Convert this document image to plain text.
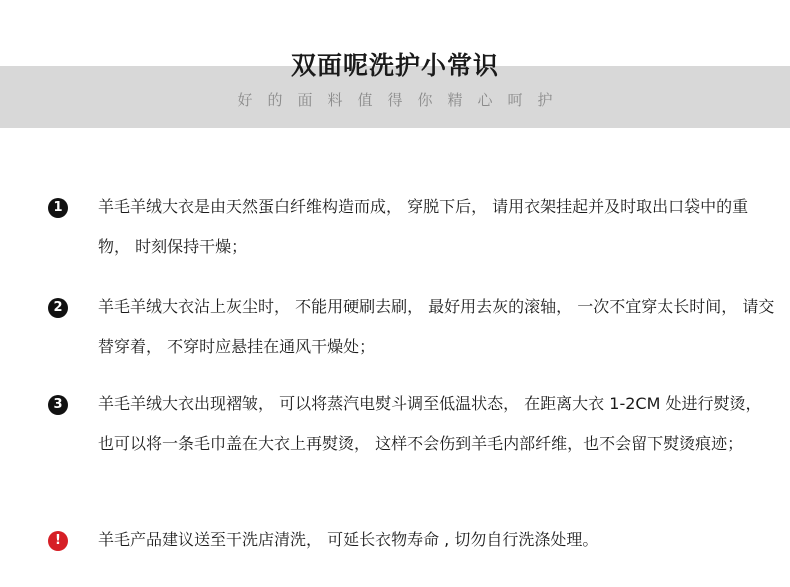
双面呢洗护小常识
好的面料值得你精心呵护
1	羊毛羊绒大衣是由天然蛋白纤维构造而成， 穿脱下后， 请用衣架挂起并及时取出口袋中的重物， 时刻保持干燥；

2	羊毛羊绒大衣沾上灰尘时， 不能用硬刷去刷， 最好用去灰的滚轴， 一次不宜穿太长时间， 请交替穿着， 不穿时应悬挂在通风干燥处；

3	羊毛羊绒大衣出现褶皱， 可以将蒸汽电熨斗调至低温状态， 在距离大衣 1-2CM 处进行熨烫， 也可以将一条毛巾盖在大衣上再熨烫， 这样不会伤到羊毛内部纤维，也不会留下熨烫痕迹；

!	羊毛产品建议送至干洗店清洗， 可延长衣物寿命 , 切勿自行洗涤处理。
